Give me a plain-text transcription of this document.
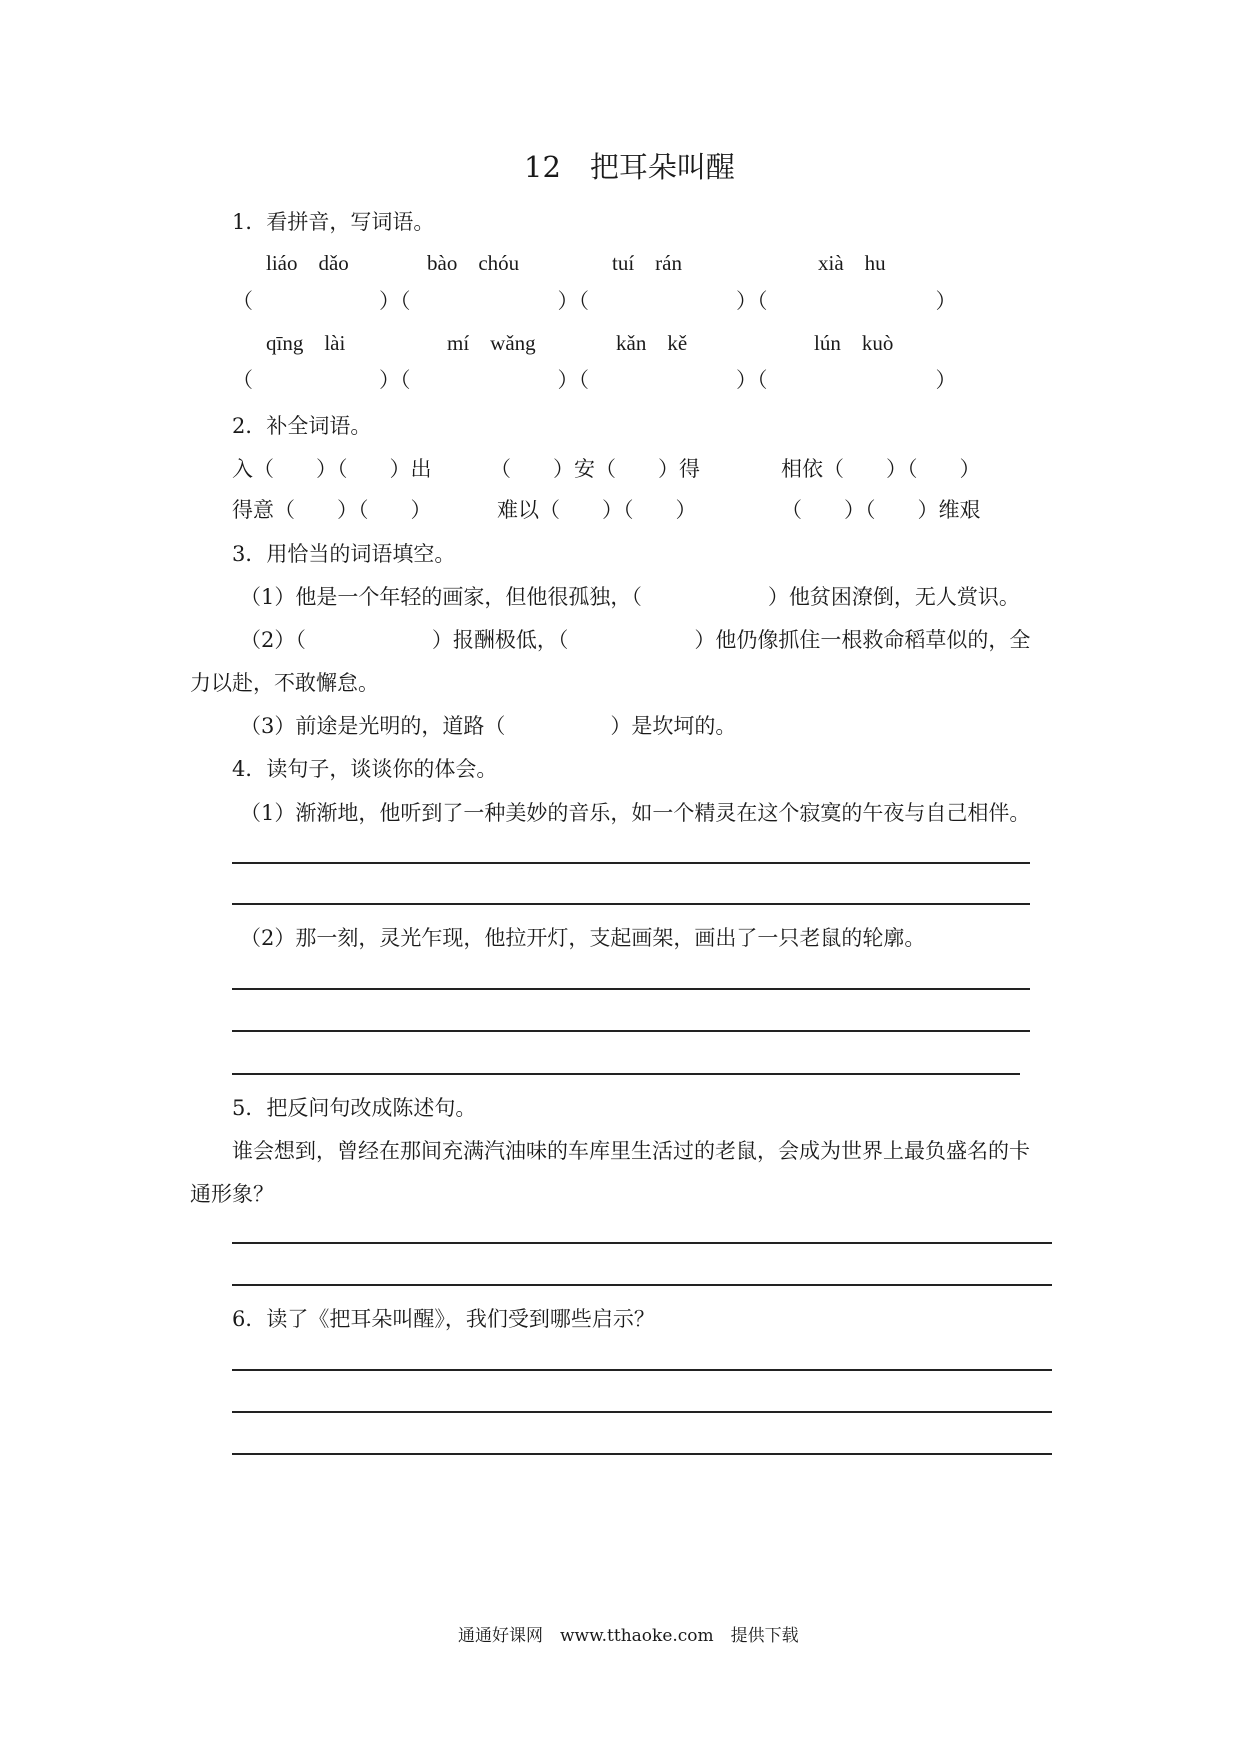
12　把耳朵叫醒
1．看拼音，写词语。
liáo　dǎo	bào　chóu	tuí　rán	xià　hu
（　　　　　　）（　　　　　　　）（　　　　　　　）（　　　　　　　　）
qīng　lài	mí　wǎng	kǎn　kě	lún　kuò
（　　　　　　）（　　　　　　　）（　　　　　　　）（　　　　　　　　）
2．补全词语。
入（　　）（　　）出	（　　）安（　　）得	相依（　　）（　　）
得意（　　）（　　）	难以（　　）（　　）	（　　）（　　）维艰
3．用恰当的词语填空。
（1）他是一个年轻的画家，但他很孤独，（　　　　　　）他贫困潦倒，无人赏识。
（2）（　　　　　　）报酬极低，（　　　　　　）他仍像抓住一根救命稻草似的，全
力以赴，不敢懈怠。
（3）前途是光明的，道路（　　　　　）是坎坷的。
4．读句子，谈谈你的体会。
（1）渐渐地，他听到了一种美妙的音乐，如一个精灵在这个寂寞的午夜与自己相伴。
（2）那一刻，灵光乍现，他拉开灯，支起画架，画出了一只老鼠的轮廓。
5．把反问句改成陈述句。
谁会想到，曾经在那间充满汽油味的车库里生活过的老鼠，会成为世界上最负盛名的卡
通形象？
6．读了《把耳朵叫醒》，我们受到哪些启示？
通通好课网　www.tthaoke.com　提供下载
